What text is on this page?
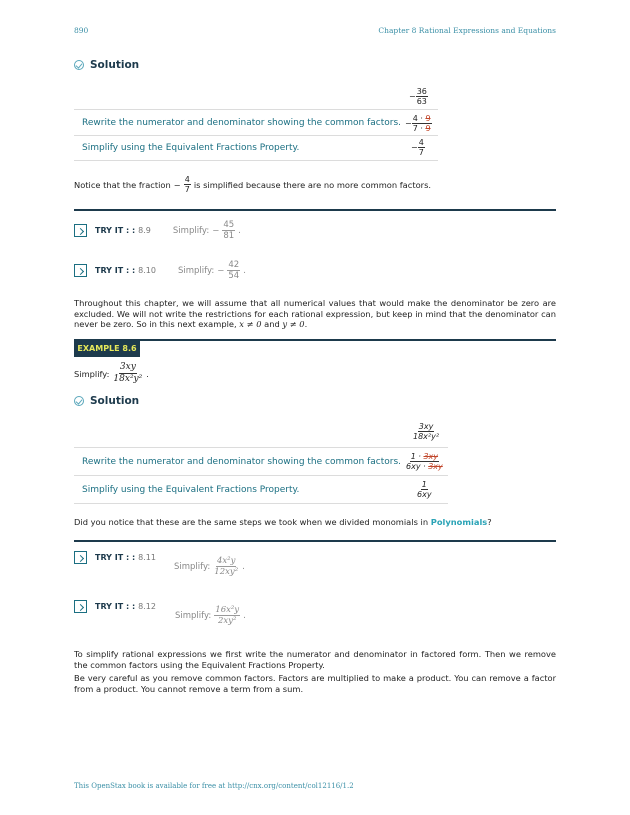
890	Chapter 8 Rational Expressions and Equations
Solution
− $\frac{36}{63}$
Rewrite the numerator and denominator showing the common factors. − $\frac{4 \cdot 9}{7 \cdot 9}$
Simplify using the Equivalent Fractions Property.	− $\frac{4}{7}$
Notice that the fraction − $\frac{4}{7}$ is simplified because there are no more common factors.
TRY IT : : 8.9	Simplify: − $\frac{45}{81}$ .
TRY IT : : 8.10	Simplify: − $\frac{42}{54}$ .
Throughout this chapter, we will assume that all numerical values that would make the denominator be zero are excluded. We will not write the restrictions for each rational expression, but keep in mind that the denominator can never be zero. So in this next example, x ≠ 0 and y ≠ 0.
EXAMPLE 8.6
Simplify: $\frac{3xy}{\text{18x²y²}}$ .
Solution
$\frac{3xy}{\text{18x²y²}}$
Rewrite the numerator and denominator showing the common factors. $\frac{1 \cdot 3xy}{6xy \cdot 3xy}$
Simplify using the Equivalent Fractions Property.	$\frac{1}{6xy}$
Did you notice that these are the same steps we took when we divided monomials in Polynomials?
TRY IT : : 8.11
Simplify: $\frac{\text{4x²y}}{\text{12xy²}}$ .
TRY IT : : 8.12
Simplify: $\frac{\text{16x²y}}{\text{2xy²}}$ .
To simplify rational expressions we first write the numerator and denominator in factored form. Then we remove the common factors using the Equivalent Fractions Property.
Be very careful as you remove common factors. Factors are multiplied to make a product. You can remove a factor from a product. You cannot remove a term from a sum.
This OpenStax book is available for free at http://cnx.org/content/col12116/1.2
